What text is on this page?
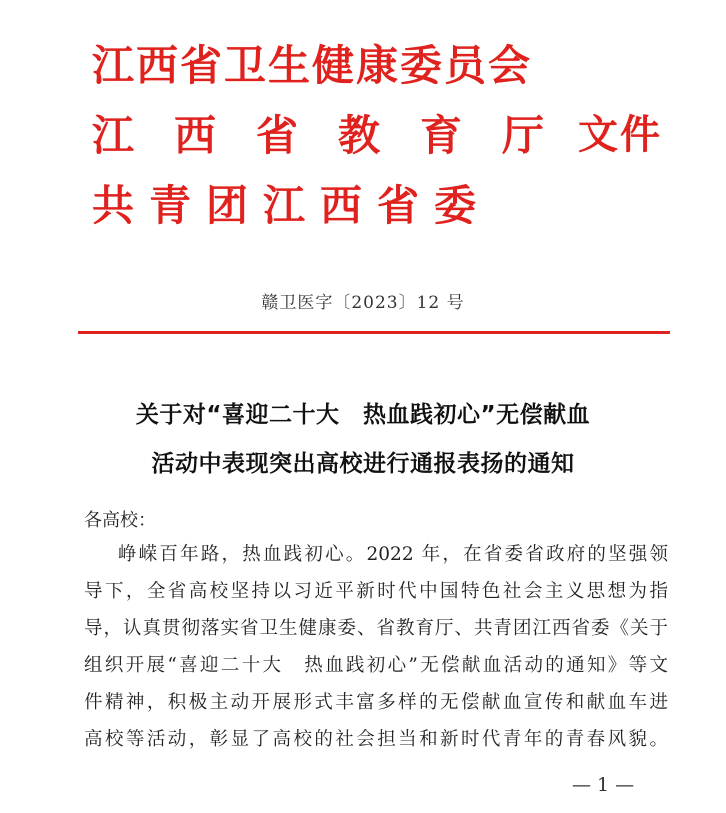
江西省卫生健康委员会
江西省教育厅
共青团江西省委
文件
赣卫医字〔2023〕12 号
关于对“喜迎二十大　热血践初心”无偿献血
活动中表现突出高校进行通报表扬的通知
各高校：
峥嵘百年路，热血践初心。2022 年，在省委省政府的坚强领
导下，全省高校坚持以习近平新时代中国特色社会主义思想为指
导，认真贯彻落实省卫生健康委、省教育厅、共青团江西省委《关于
组织开展“喜迎二十大　热血践初心”无偿献血活动的通知》等文
件精神，积极主动开展形式丰富多样的无偿献血宣传和献血车进
高校等活动，彰显了高校的社会担当和新时代青年的青春风貌。
— 1 —
